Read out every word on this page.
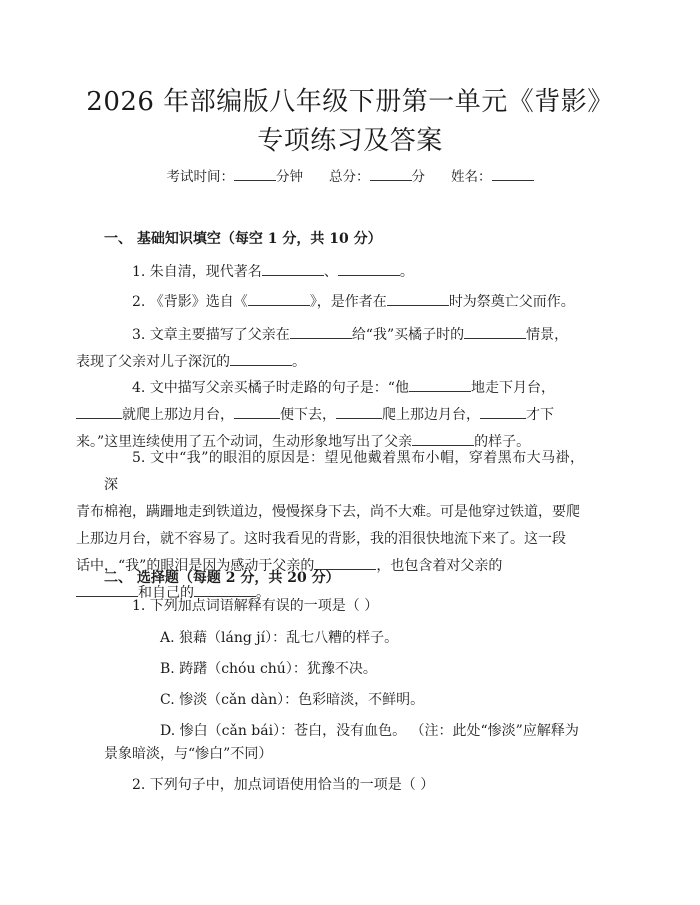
2026 年部编版八年级下册第一单元《背影》
专项练习及答案
考试时间：	分钟 总分：	分 姓名：
一、 基础知识填空（每空 1 分，共 10 分）
1. 朱自清，现代著名	、	。
2. 《背影》选自《	》，是作者在	时为祭奠亡父而作。
3. 文章主要描写了父亲在	给“我”买橘子时的	情景，
表现了父亲对儿子深沉的	。
4. 文中描写父亲买橘子时走路的句子是：“他	地走下月台，
就爬上那边月台，	便下去，	爬上那边月台，	才下
来。”这里连续使用了五个动词，生动形象地写出了父亲	的样子。
5. 文中“我”的眼泪的原因是：望见他戴着黑布小帽，穿着黑布大马褂，深
青布棉袍，蹒跚地走到铁道边，慢慢探身下去，尚不大难。可是他穿过铁道，要爬
上那边月台，就不容易了。这时我看见的背影，我的泪很快地流下来了。这一段
话中，“我”的眼泪是因为感动于父亲的	，也包含着对父亲的
和自己的	。
二、 选择题（每题 2 分，共 20 分）
1. 下列加点词语解释有误的一项是（ ）
A. 狼藉（láng jí）：乱七八糟的样子。
B. 踌躇（chóu chú）：犹豫不决。
C. 惨淡（cǎn dàn）：色彩暗淡，不鲜明。
D. 惨白（cǎn bái）：苍白，没有血色。 （注：此处“惨淡”应解释为
景象暗淡，与“惨白”不同）
2. 下列句子中，加点词语使用恰当的一项是（ ）
